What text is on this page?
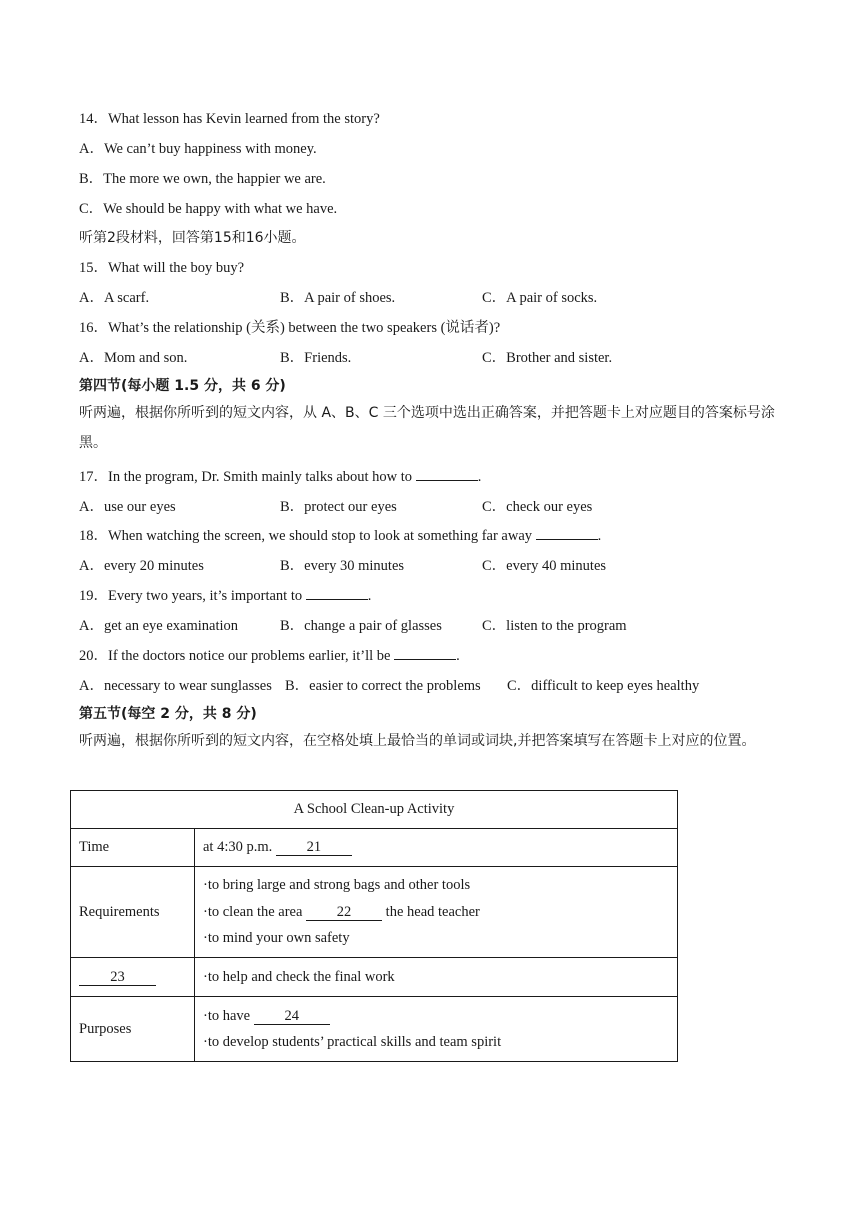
14．What lesson has Kevin learned from the story?
A．We can’t buy happiness with money.
B．The more we own, the happier we are.
C．We should be happy with what we have.
听第2段材料，回答第15和16小题。
15．What will the boy buy?
A．A scarf.	B．A pair of shoes.	C．A pair of socks.
16．What’s the relationship (关系) between the two speakers (说话者)?
A．Mom and son.	B．Friends.	C．Brother and sister.
第四节(每小题 1.5 分，共 6 分)
听两遍，根据你所听到的短文内容，从 A、B、C 三个选项中选出正确答案，并把答题卡上对应题目的答案标号涂黑。
17．In the program, Dr. Smith mainly talks about how to	.
A．use our eyes	B．protect our eyes	C．check our eyes
18．When watching the screen, we should stop to look at something far away	.
A．every 20 minutes	B．every 30 minutes	C．every 40 minutes
19．Every two years, it’s important to	.
A．get an eye examination	B．change a pair of glasses	C．listen to the program
20．If the doctors notice our problems earlier, it’ll be	.
A．necessary to wear sunglasses B．easier to correct the problems C．difficult to keep eyes healthy
第五节(每空 2 分，共 8 分)
听两遍，根据你所听到的短文内容，在空格处填上最恰当的单词或词块,并把答案填写在答题卡上对应的位置。
A School Clean-up Activity	
Time	at 4:30 p.m. 21
Requirements	·to bring large and strong bags and other tools
·to clean the area 22 the head teacher
·to mind your own safety

23	·to help and check the final work
Purposes	·to have 24
·to develop students’ practical skills and team spirit
